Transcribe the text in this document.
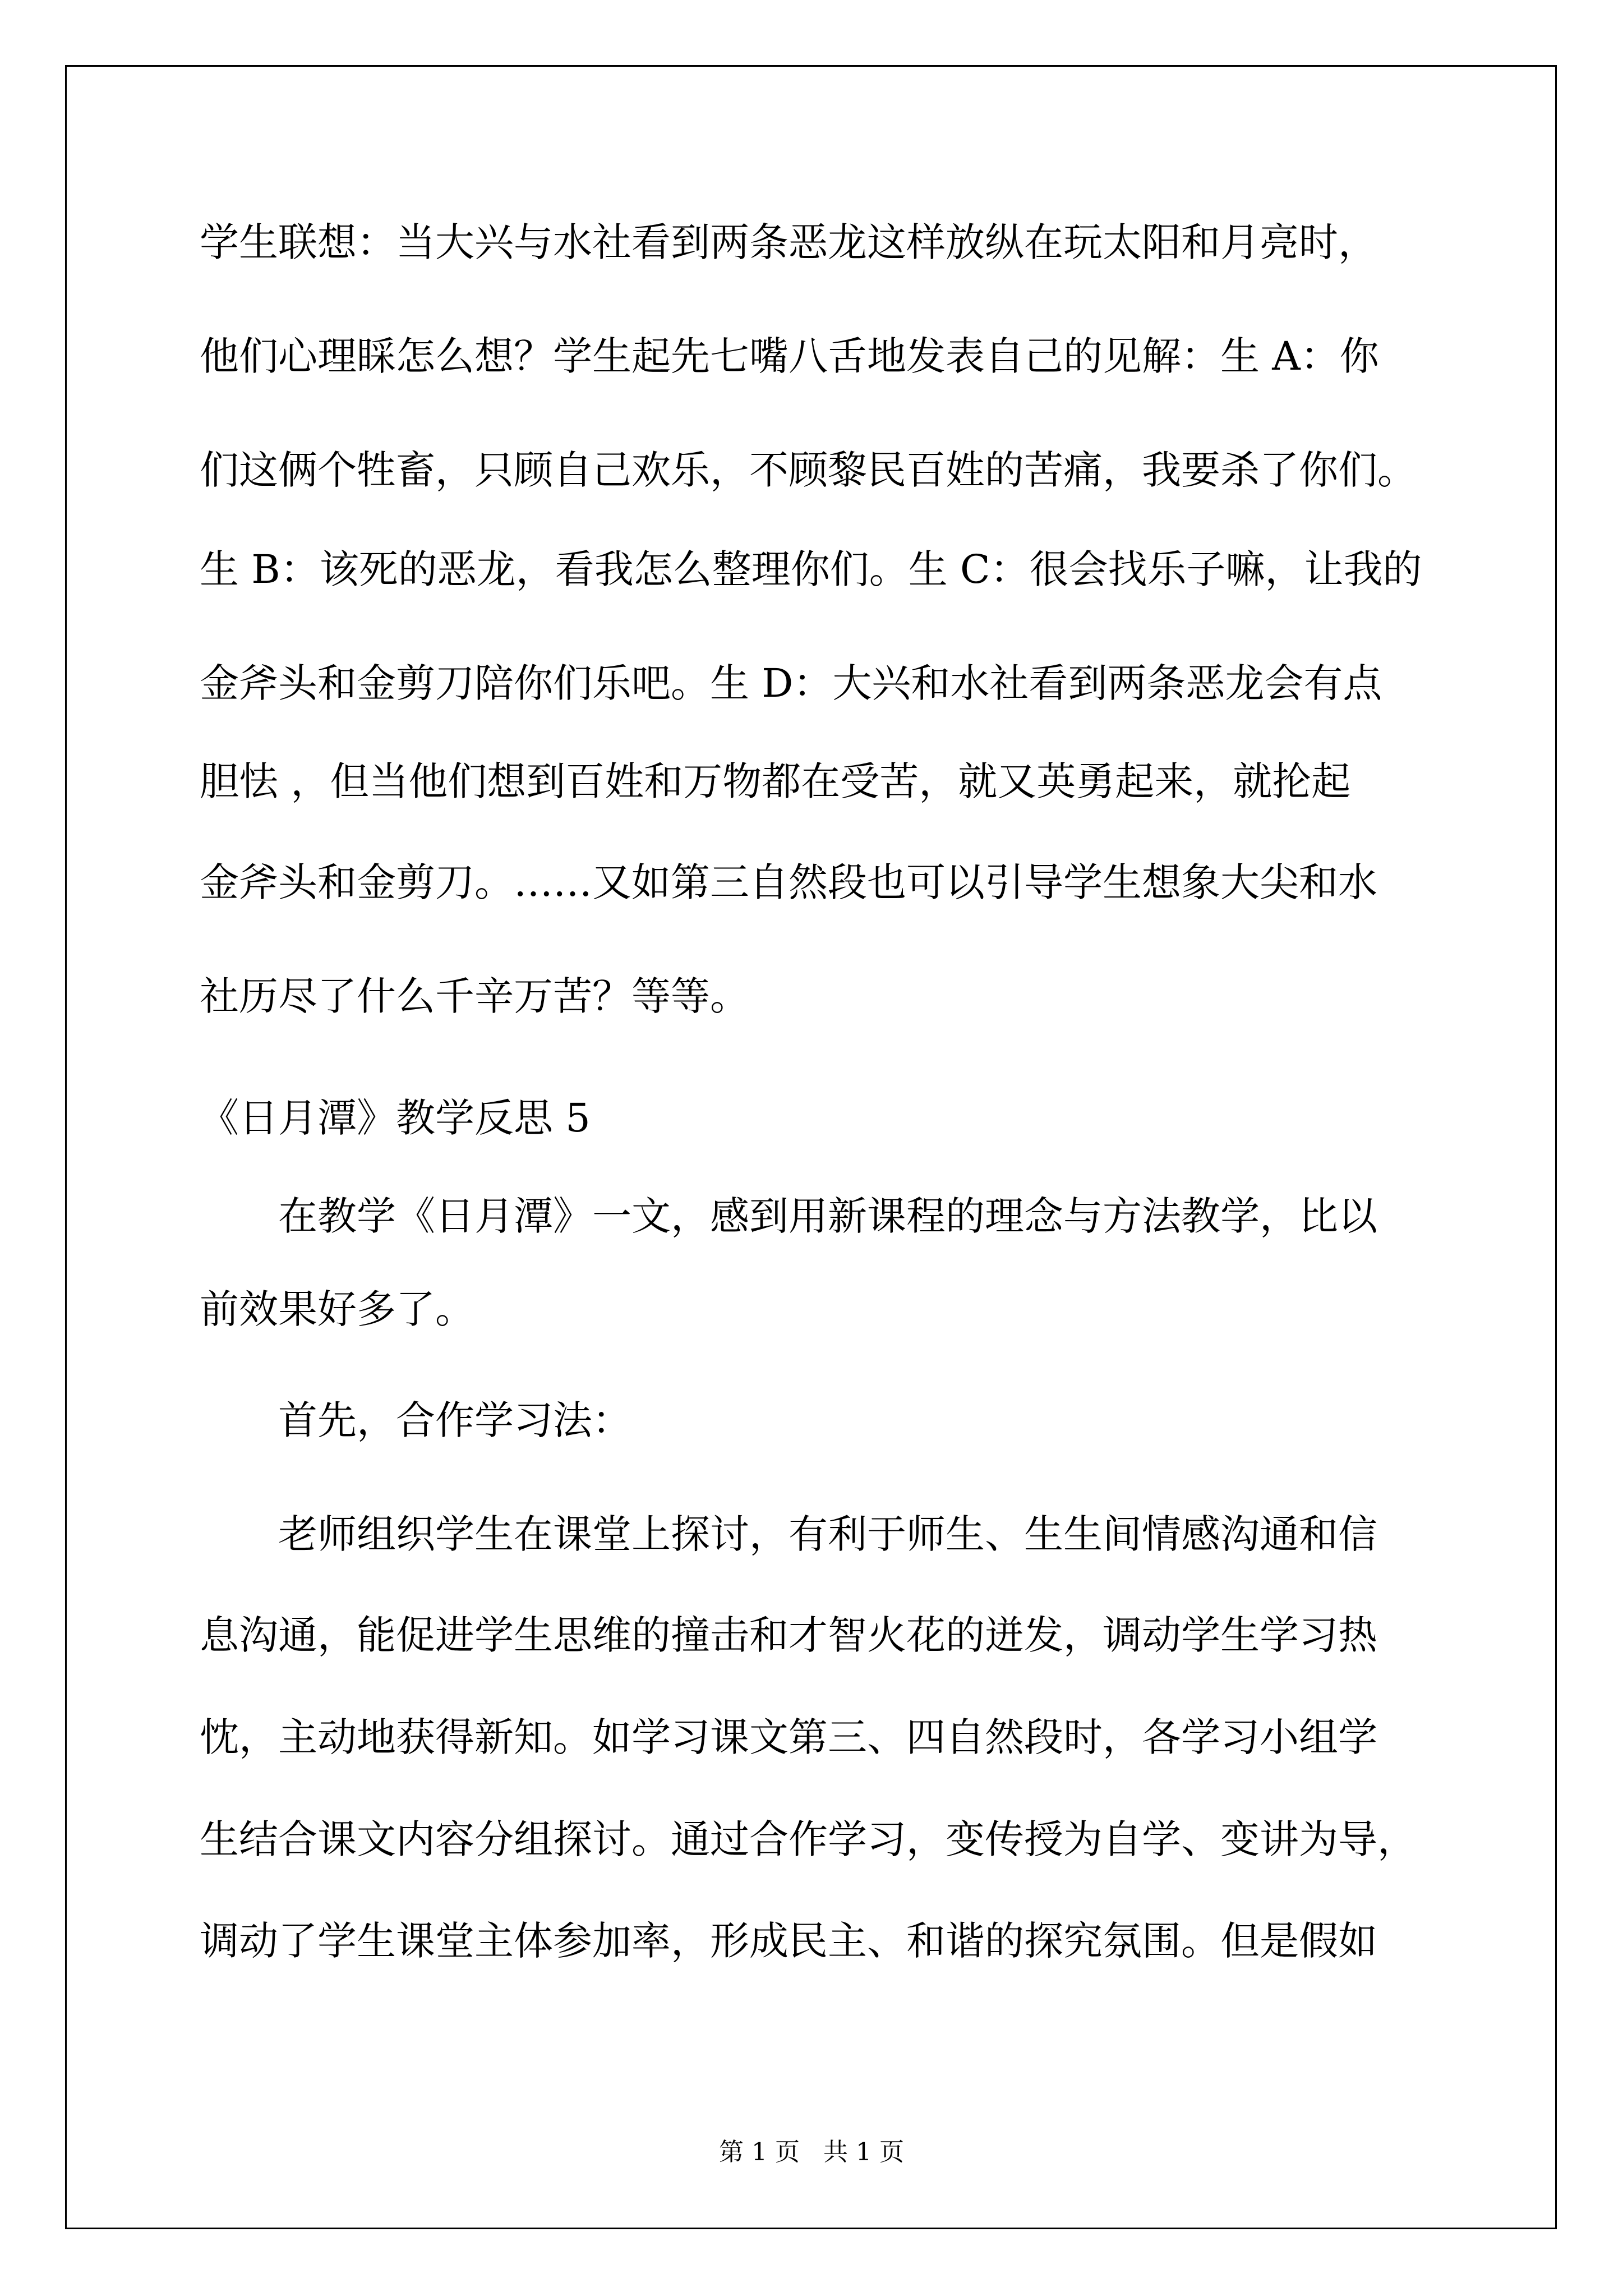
学生联想：当大兴与水社看到两条恶龙这样放纵在玩太阳和月亮时，

他们心理睬怎么想？学生起先七嘴八舌地发表自己的见解：生 A：你

们这俩个牲畜，只顾自己欢乐，不顾黎民百姓的苦痛，我要杀了你们。

生 B：该死的恶龙，看我怎么整理你们。生 C：很会找乐子嘛，让我的

金斧头和金剪刀陪你们乐吧。生 D：大兴和水社看到两条恶龙会有点

胆怯 ，但当他们想到百姓和万物都在受苦，就又英勇起来，就抡起

金斧头和金剪刀。……又如第三自然段也可以引导学生想象大尖和水

社历尽了什么千辛万苦？等等。

《日月潭》教学反思 5

在教学《日月潭》一文，感到用新课程的理念与方法教学，比以

前效果好多了。

首先，合作学习法：

老师组织学生在课堂上探讨，有利于师生、生生间情感沟通和信

息沟通，能促进学生思维的撞击和才智火花的迸发，调动学生学习热

忱，主动地获得新知。如学习课文第三、四自然段时，各学习小组学

生结合课文内容分组探讨。通过合作学习，变传授为自学、变讲为导，

调动了学生课堂主体参加率，形成民主、和谐的探究氛围。但是假如

第 1 页   共 1 页
